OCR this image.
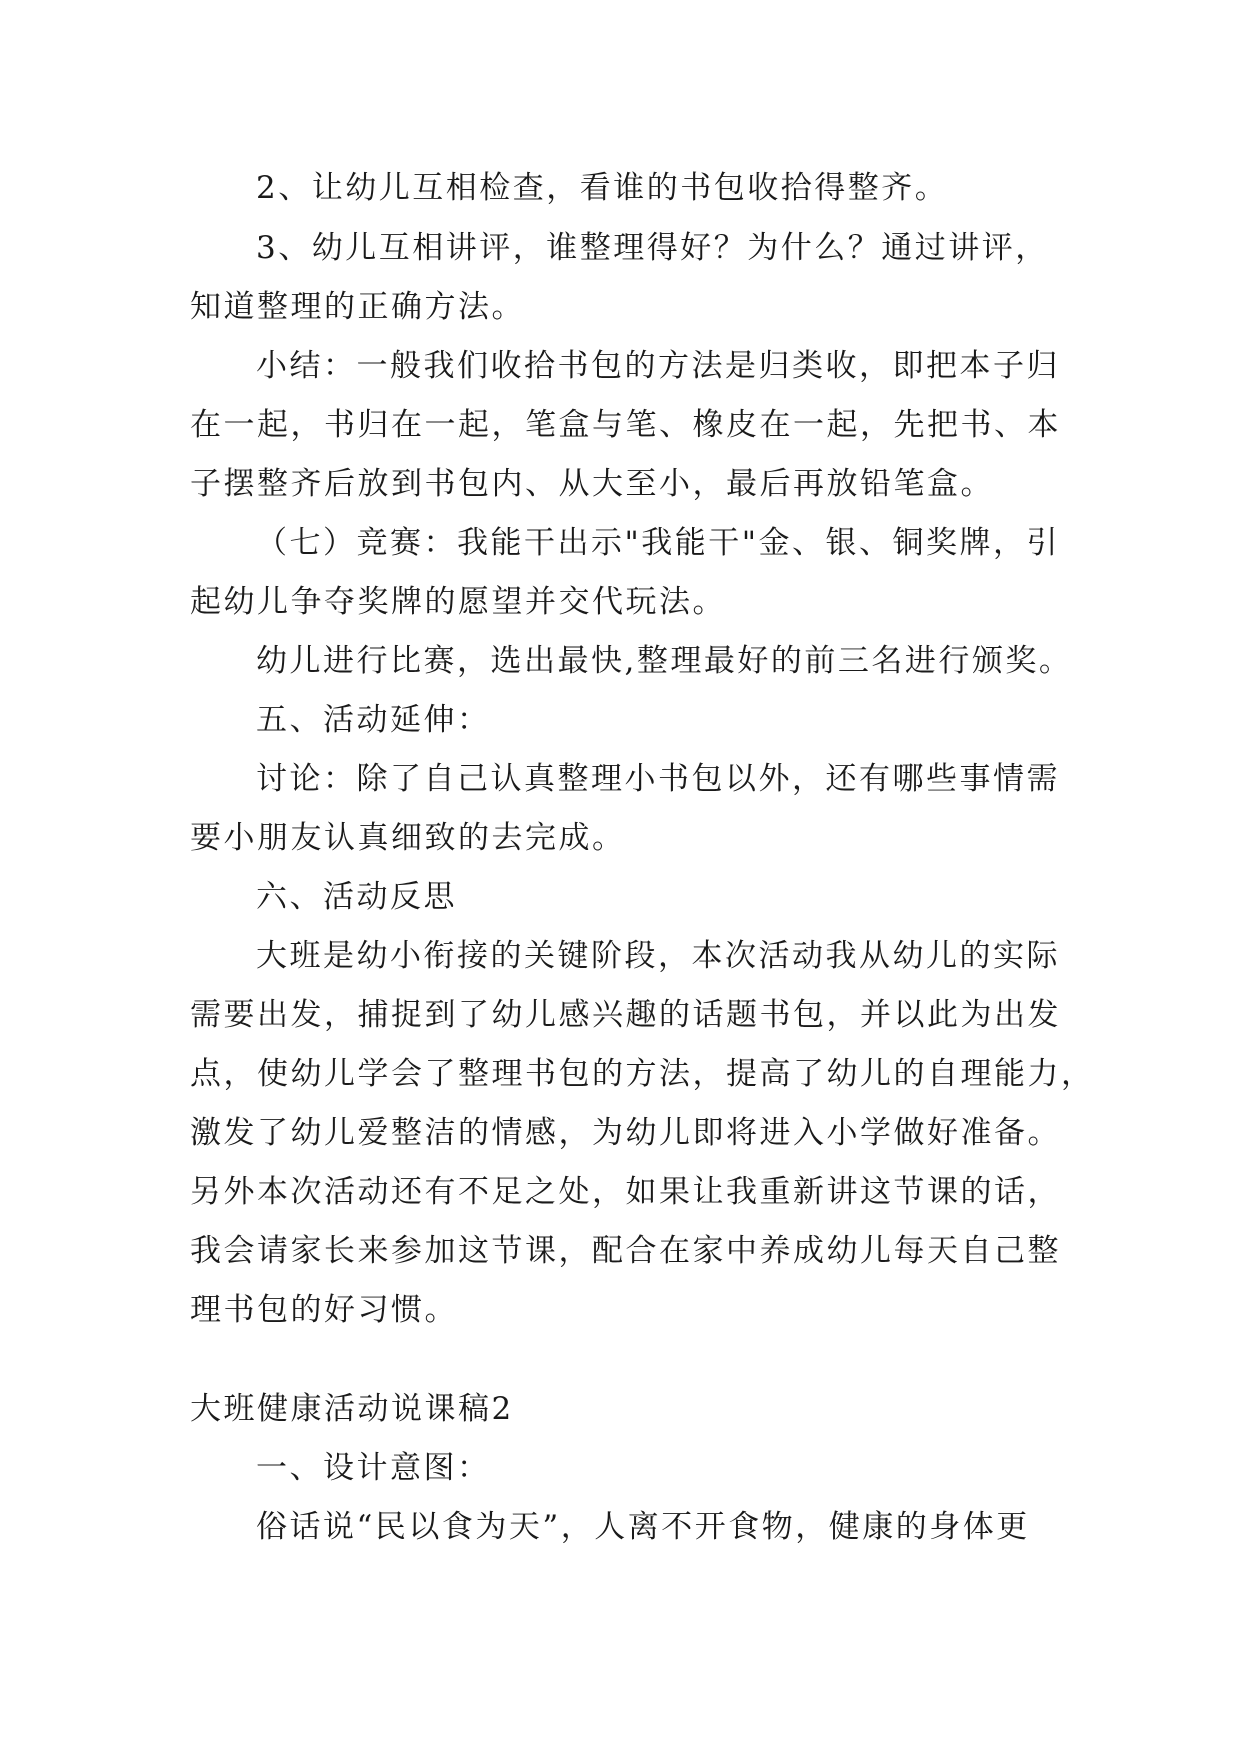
2、让幼儿互相检查，看谁的书包收拾得整齐。
3、幼儿互相讲评，谁整理得好？为什么？通过讲评，
知道整理的正确方法。
小结：一般我们收拾书包的方法是归类收，即把本子归
在一起，书归在一起，笔盒与笔、橡皮在一起，先把书、本
子摆整齐后放到书包内、从大至小，最后再放铅笔盒。
（七）竞赛：我能干出示"我能干"金、银、铜奖牌，引
起幼儿争夺奖牌的愿望并交代玩法。
幼儿进行比赛，选出最快,整理最好的前三名进行颁奖。
五、活动延伸：
讨论：除了自己认真整理小书包以外，还有哪些事情需
要小朋友认真细致的去完成。
六、活动反思
大班是幼小衔接的关键阶段，本次活动我从幼儿的实际
需要出发，捕捉到了幼儿感兴趣的话题书包，并以此为出发
点，使幼儿学会了整理书包的方法，提高了幼儿的自理能力，
激发了幼儿爱整洁的情感，为幼儿即将进入小学做好准备。
另外本次活动还有不足之处，如果让我重新讲这节课的话，
我会请家长来参加这节课，配合在家中养成幼儿每天自己整
理书包的好习惯。
大班健康活动说课稿2
一、设计意图：
俗话说“民以食为天”，人离不开食物，健康的身体更
